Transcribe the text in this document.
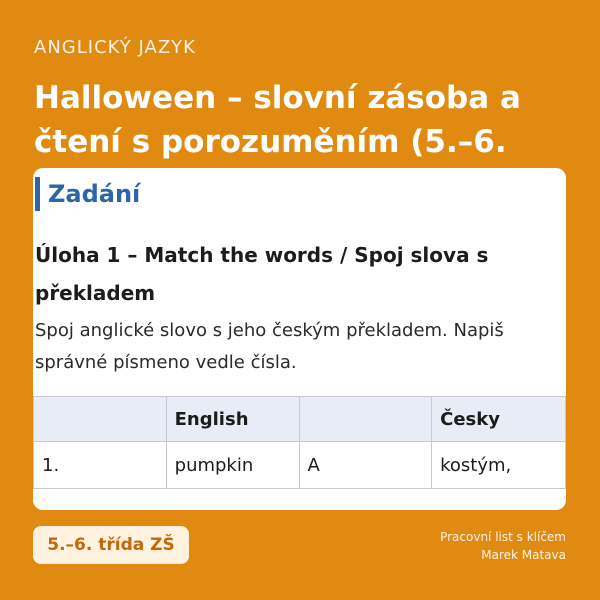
ANGLICKÝ JAZYK
Halloween – slovní zásoba a
čtení s porozuměním (5.–6.
Zadání
Úloha 1 – Match the words / Spoj slova s
překladem
Spoj anglické slovo s jeho českým překladem. Napiš
správné písmeno vedle čísla.
	English		Česky
1.	pumpkin	A	kostým,
5.–6. třída ZŠ	Pracovní list s klíčem
Marek Matava
